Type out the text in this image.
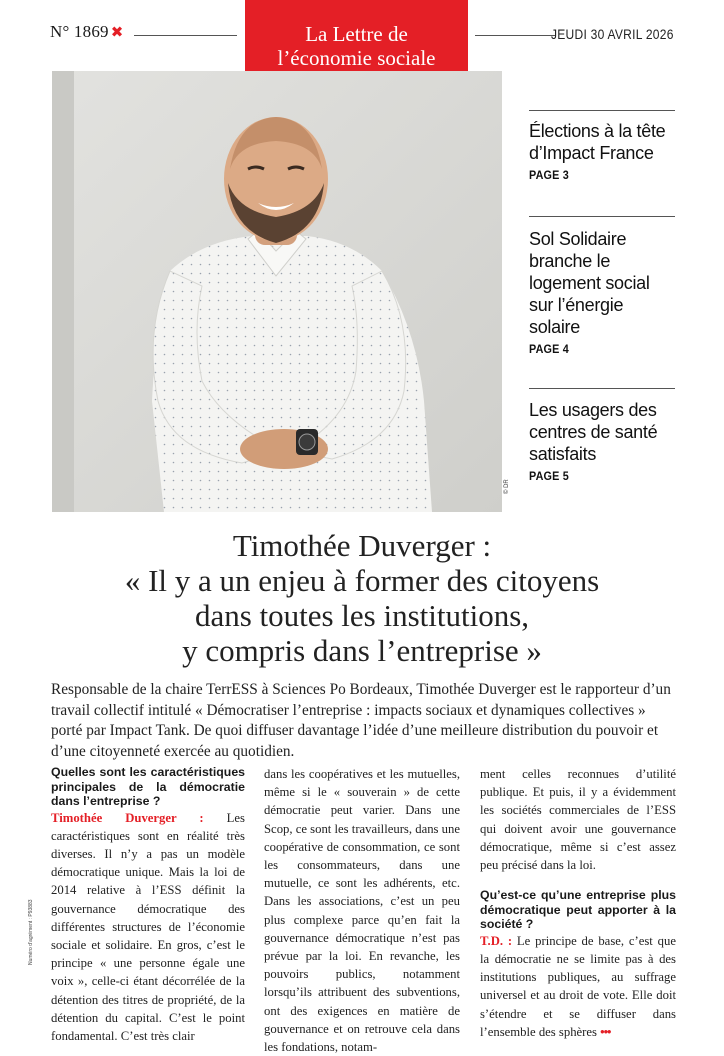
N° 1869 ✖	La Lettre de
l’économie sociale
JEUDI 30 AVRIL 2026
© DR
Élections à la tête d’Impact France
PAGE 3
Sol Solidaire branche le logement social sur l’énergie solaire
PAGE 4
Les usagers des centres de santé satisfaits
PAGE 5
Timothée Duverger :
« Il y a un enjeu à former des citoyens
dans toutes les institutions,
y compris dans l’entreprise »
Responsable de la chaire TerrESS à Sciences Po Bordeaux, Timothée Duverger est le rapporteur d’un travail collectif intitulé « Démocratiser l’entreprise : impacts sociaux et dynamiques collectives » porté par Impact Tank. De quoi diffuser davantage l’idée d’une meilleure distribution du pouvoir et d’une citoyenneté exercée au quotidien.
Quelles sont les caractéristiques principales de la démocratie dans l’entreprise ?
Timothée Duverger : Les caractéristiques sont en réalité très diverses. Il n’y a pas un modèle démocratique unique. Mais la loi de 2014 relative à l’ESS définit la gouvernance démocratique des différentes structures de l’économie sociale et solidaire. En gros, c’est le principe « une personne égale une voix », celle-ci étant décorrélée de la détention des titres de propriété, de la détention du capital. C’est le point fondamental. C’est très clair
dans les coopératives et les mutuelles, même si le « souverain » de cette démocratie peut varier. Dans une Scop, ce sont les travailleurs, dans une coopérative de consommation, ce sont les consommateurs, dans une mutuelle, ce sont les adhérents, etc. Dans les associations, c’est un peu plus complexe parce qu’en fait la gouvernance démocratique n’est pas prévue par la loi. En revanche, les pouvoirs publics, notamment lorsqu’ils attribuent des subventions, ont des exigences en matière de gouvernance et on retrouve cela dans les fondations, notam-
ment celles reconnues d’utilité publique. Et puis, il y a évidemment les sociétés commerciales de l’ESS qui doivent avoir une gouvernance démocratique, même si c’est assez peu précisé dans la loi.
Qu’est-ce qu’une entreprise plus démocratique peut apporter à la société ?
T.D. : Le principe de base, c’est que la démocratie ne se limite pas à des institutions publiques, au suffrage universel et au droit de vote. Elle doit s’étendre et se diffuser dans l’ensemble des sphères •••
Numéro d’agrément : P93883
